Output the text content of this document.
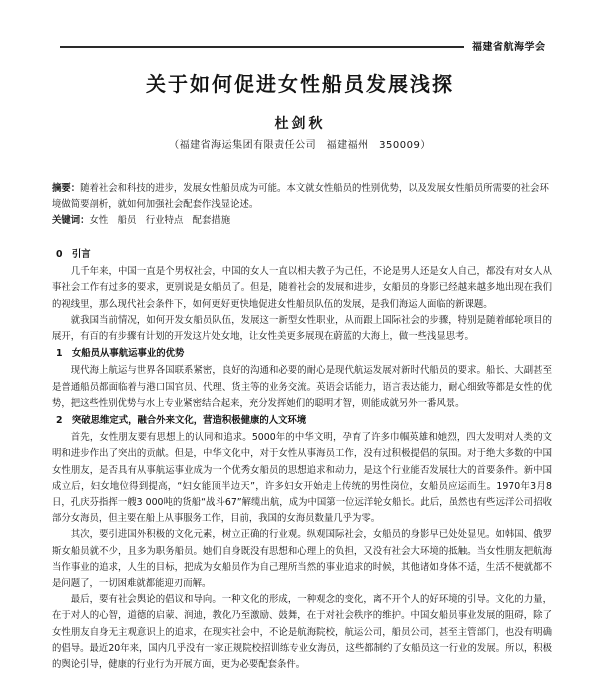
福建省航海学会
关于如何促进女性船员发展浅探
杜剑秋
（福建省海运集团有限责任公司　福建福州　350009）
摘要：随着社会和科技的进步，发展女性船员成为可能。本文就女性船员的性别优势，以及发展女性船员所需要的社会环境做简要剖析，就如何加强社会配套作浅显论述。
关键词：女性　船员　行业特点　配套措施
0　引言

几千年来，中国一直是个男权社会，中国的女人一直以相夫教子为己任，不论是男人还是女人自己，都没有对女人从事社会工作有过多的要求，更别说是女船员了。但是，随着社会的发展和进步，女船员的身影已经越来越多地出现在我们的视线里，那么现代社会条件下，如何更好更快地促进女性船员队伍的发展，是我们海运人面临的新课题。

就我国当前情况，如何开发女船员队伍，发展这一新型女性职业，从而跟上国际社会的步骤，特别是随着邮轮项目的展开，有百的有步骤有计划的开发这片处女地，让女性美更多展现在蔚蓝的大海上，做一些浅显思考。

1　女船员从事航运事业的优势

现代海上航运与世界各国联系紧密，良好的沟通和必要的耐心是现代航运发展对新时代船员的要求。船长、大副甚至是普通船员都面临着与港口国官员、代理、货主等的业务交流。英语会话能力，语言表达能力，耐心细致等都是女性的优势，把这些性别优势与水上专业紧密结合起来，充分发挥她们的聪明才智，则能成就另外一番风景。

2　突破思维定式，融合外来文化，营造积极健康的人文环境

首先，女性朋友要有思想上的认同和追求。5000年的中华文明，孕育了许多巾帼英雄和她烈，四大发明对人类的文明和进步作出了突出的贡献。但是，中华文化中，对于女性从事海员工作，没有过积极提倡的氛围。对于绝大多数的中国女性朋友，是否具有从事航运事业成为一个优秀女船员的思想追求和动力，是这个行业能否发展壮大的首要条件。新中国成立后，妇女地位得到提高，“妇女能顶半边天”，许多妇女开始走上传统的男性岗位，女船员应运而生。1970年3月8日，孔庆芬指挥一艘3 000吨的货船“战斗67”解缆出航，成为中国第一位远洋轮女船长。此后，虽然也有些远洋公司招收部分女海员，但主要在船上从事服务工作，目前，我国的女海员数量几乎为零。

其次，要引进国外积极的文化元素，树立正确的行业观。纵观国际社会，女船员的身影早已处处显见。如韩国、俄罗斯女船员就不少，且多为职务船员。她们自身既没有思想和心理上的负担，又没有社会大环境的抵触。当女性朋友把航海当作事业的追求，人生的目标，把成为女船员作为自己理所当然的事业追求的时候，其他诸如身体不适，生活不便就都不是问题了，一切困难就都能迎刃而解。

最后，要有社会舆论的倡议和导向。一种文化的形成，一种观念的变化，离不开个人的好环境的引导。文化的力量，在于对人的心智，道德的启蒙、润迪，教化乃至激励、鼓舞，在于对社会秩序的维护。中国女船员事业发展的阻碍，除了女性朋友自身无主观意识上的追求，在现实社会中，不论是航海院校，航运公司，船员公司，甚至主管部门，也没有明确的倡导。最近20年来，国内几乎没有一家正规院校招训练专业女海员，这些都制约了女船员这一行业的发展。所以，积极的舆论引导，健康的行业行为开展方面，更为必要配套条件。
